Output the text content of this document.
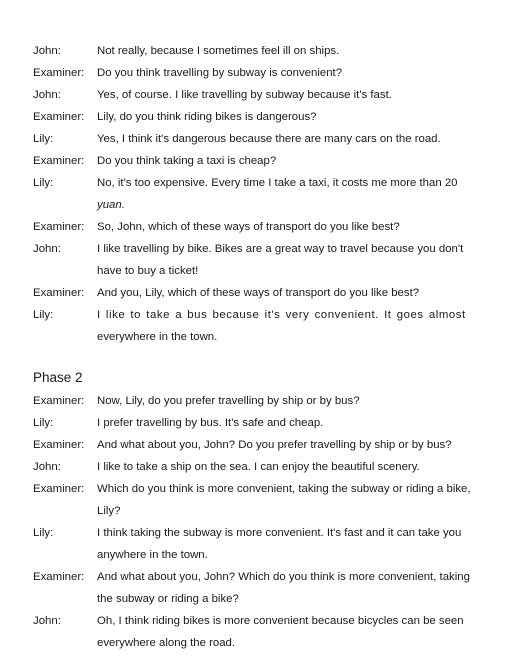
John:	Not really, because I sometimes feel ill on ships.
Examiner: Do you think travelling by subway is convenient?
John:	Yes, of course. I like travelling by subway because it's fast.
Examiner: Lily, do you think riding bikes is dangerous?
Lily:	Yes, I think it's dangerous because there are many cars on the road.
Examiner: Do you think taking a taxi is cheap?
Lily:	No, it's too expensive. Every time I take a taxi, it costs me more than 20
yuan.
Examiner: So, John, which of these ways of transport do you like best?
John:	I like travelling by bike. Bikes are a great way to travel because you don't
have to buy a ticket!
Examiner: And you, Lily, which of these ways of transport do you like best?
Lily:	I like to take a bus because it's very convenient. It goes almost
everywhere in the town.
Phase 2
Examiner: Now, Lily, do you prefer travelling by ship or by bus?
Lily:	I prefer travelling by bus. It's safe and cheap.
Examiner: And what about you, John? Do you prefer travelling by ship or by bus?
John:	I like to take a ship on the sea. I can enjoy the beautiful scenery.
Examiner: Which do you think is more convenient, taking the subway or riding a bike,
Lily?
Lily:	I think taking the subway is more convenient. It's fast and it can take you
anywhere in the town.
Examiner: And what about you, John? Which do you think is more convenient, taking
the subway or riding a bike?
John:	Oh, I think riding bikes is more convenient because bicycles can be seen
everywhere along the road.
